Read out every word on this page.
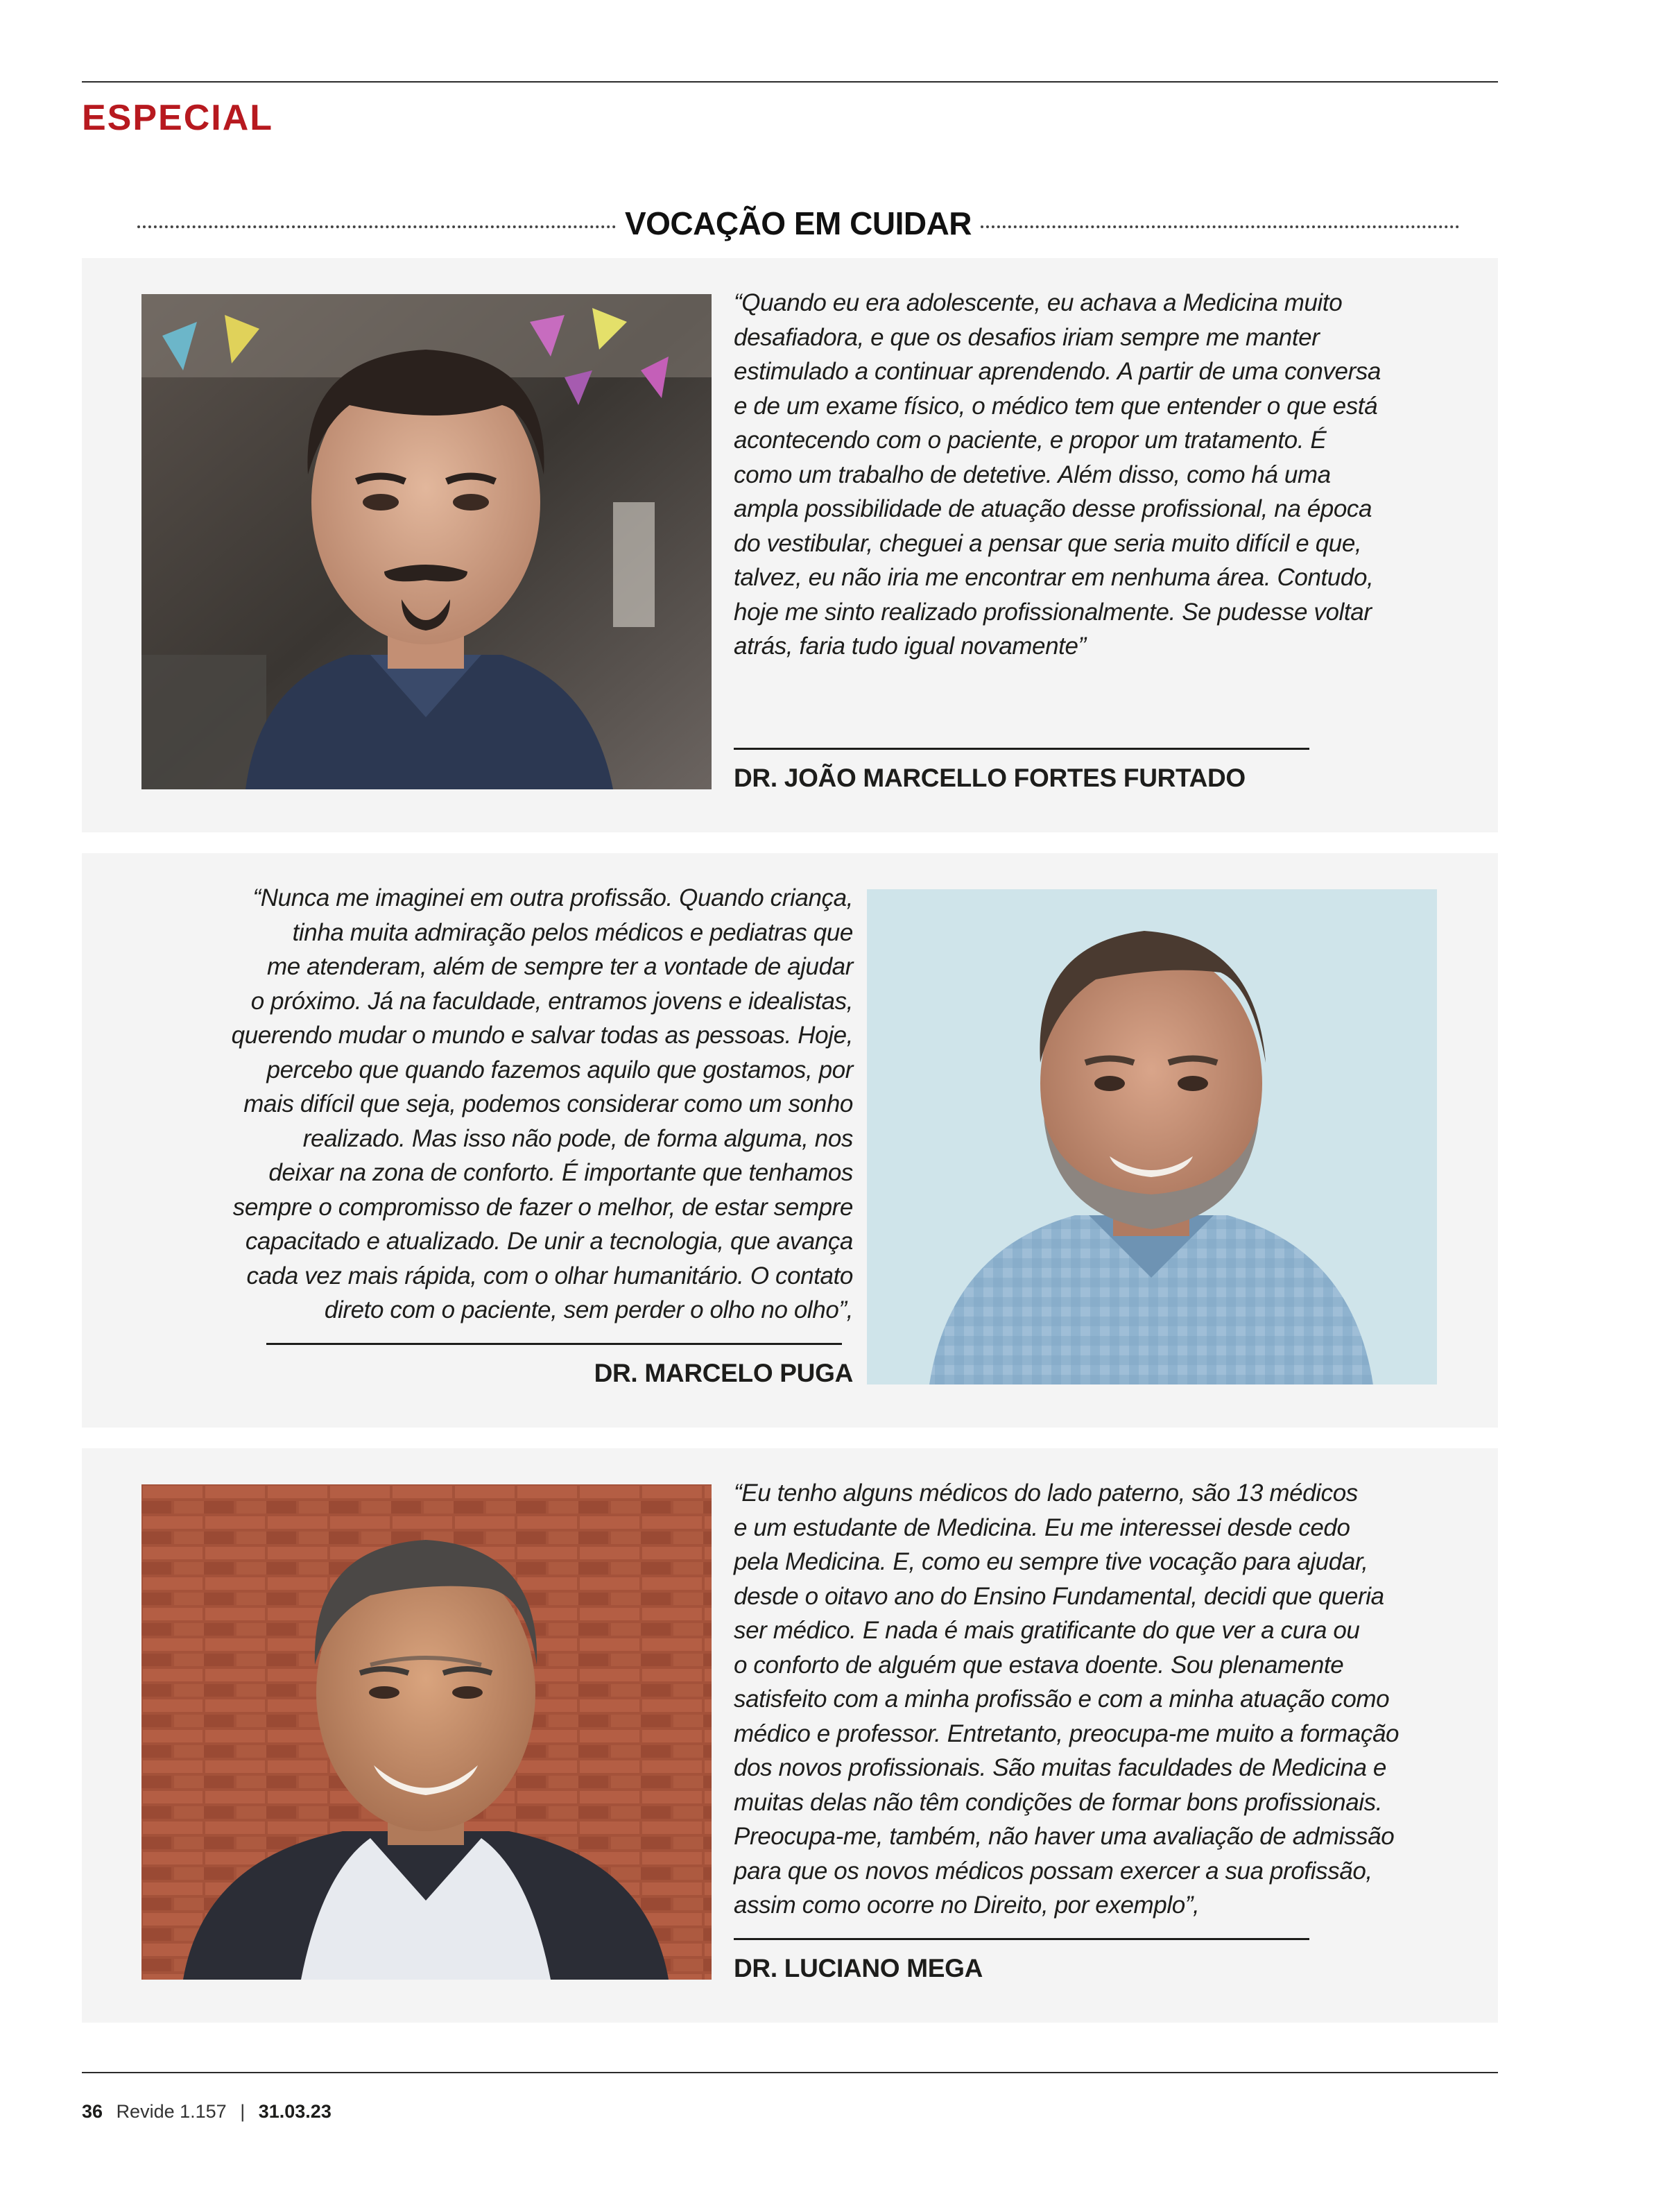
ESPECIAL
VOCAÇÃO EM CUIDAR
“Quando eu era adolescente, eu achava a Medicina muito
desafiadora, e que os desafios iriam sempre me manter
estimulado a continuar aprendendo. A partir de uma conversa
e de um exame físico, o médico tem que entender o que está
acontecendo com o paciente, e propor um tratamento. É
como um trabalho de detetive. Além disso, como há uma
ampla possibilidade de atuação desse profissional, na época
do vestibular, cheguei a pensar que seria muito difícil e que,
talvez, eu não iria me encontrar em nenhuma área. Contudo,
hoje me sinto realizado profissionalmente. Se pudesse voltar
atrás, faria tudo igual novamente”
DR. JOÃO MARCELLO FORTES FURTADO
“Nunca me imaginei em outra profissão. Quando criança,
tinha muita admiração pelos médicos e pediatras que
me atenderam, além de sempre ter a vontade de ajudar
o próximo. Já na faculdade, entramos jovens e idealistas,
querendo mudar o mundo e salvar todas as pessoas. Hoje,
percebo que quando fazemos aquilo que gostamos, por
mais difícil que seja, podemos considerar como um sonho
realizado. Mas isso não pode, de forma alguma, nos
deixar na zona de conforto. É importante que tenhamos
sempre o compromisso de fazer o melhor, de estar sempre
capacitado e atualizado. De unir a tecnologia, que avança
cada vez mais rápida, com o olhar humanitário. O contato
direto com o paciente, sem perder o olho no olho”,
DR. MARCELO PUGA
“Eu tenho alguns médicos do lado paterno, são 13 médicos
e um estudante de Medicina. Eu me interessei desde cedo
pela Medicina. E, como eu sempre tive vocação para ajudar,
desde o oitavo ano do Ensino Fundamental, decidi que queria
ser médico. E nada é mais gratificante do que ver a cura ou
o conforto de alguém que estava doente. Sou plenamente
satisfeito com a minha profissão e com a minha atuação como
médico e professor. Entretanto, preocupa-me muito a formação
dos novos profissionais. São muitas faculdades de Medicina e
muitas delas não têm condições de formar bons profissionais.
Preocupa-me, também, não haver uma avaliação de admissão
para que os novos médicos possam exercer a sua profissão,
assim como ocorre no Direito, por exemplo”,
DR. LUCIANO MEGA
36 Revide 1.157 | 31.03.23
